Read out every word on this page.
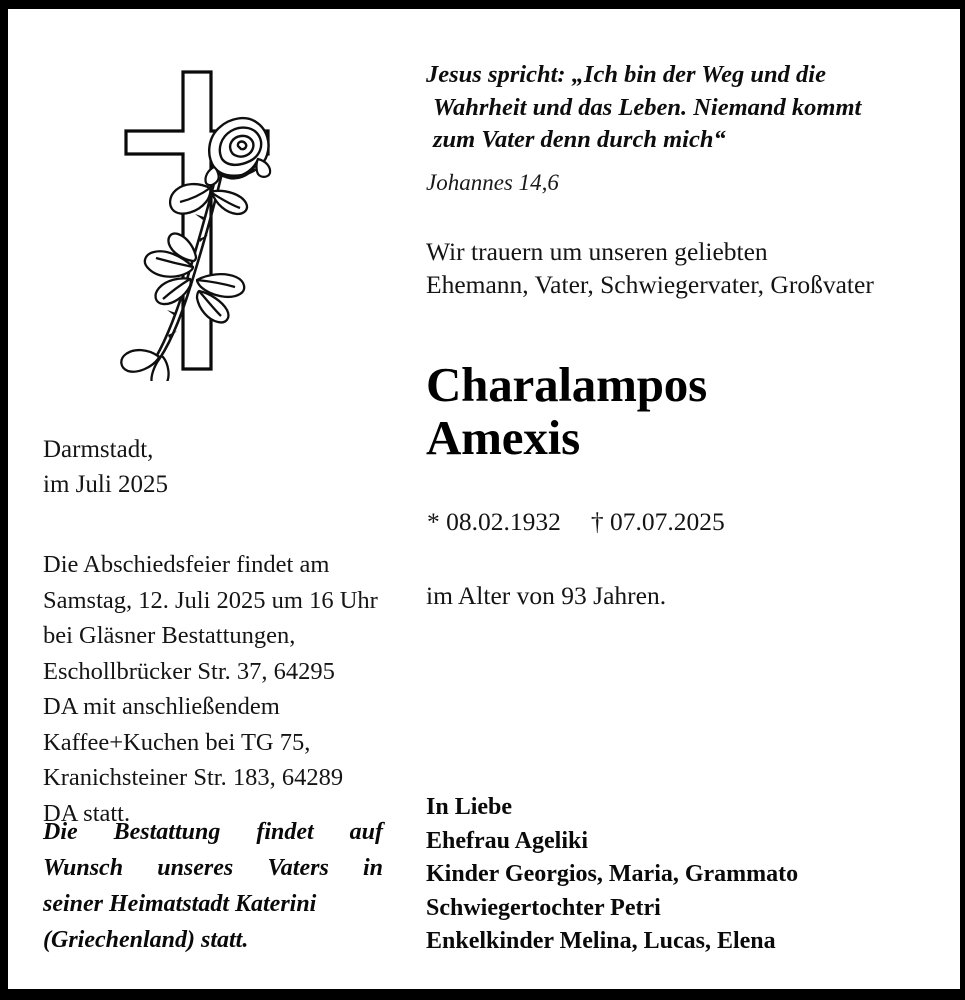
Darmstadt,
im Juli 2025
Die Abschiedsfeier findet am
Samstag, 12. Juli 2025 um 16 Uhr
bei Gläsner Bestattungen,
Eschollbrücker Str. 37, 64295
DA mit anschließendem
Kaffee+Kuchen bei TG 75,
Kranichsteiner Str. 183, 64289
DA statt.
Die Bestattung findet auf
Wunsch unseres Vaters in
seiner Heimatstadt Katerini
(Griechenland) statt.
Jesus spricht: „Ich bin der Weg und die
Wahrheit und das Leben. Niemand kommt
zum Vater denn durch mich“
Johannes 14,6
Wir trauern um unseren geliebten
Ehemann, Vater, Schwiegervater, Großvater
Charalampos
Amexis
* 08.02.1932 † 07.07.2025
im Alter von 93 Jahren.
In Liebe
Ehefrau Ageliki
Kinder Georgios, Maria, Grammato
Schwiegertochter Petri
Enkelkinder Melina, Lucas, Elena
